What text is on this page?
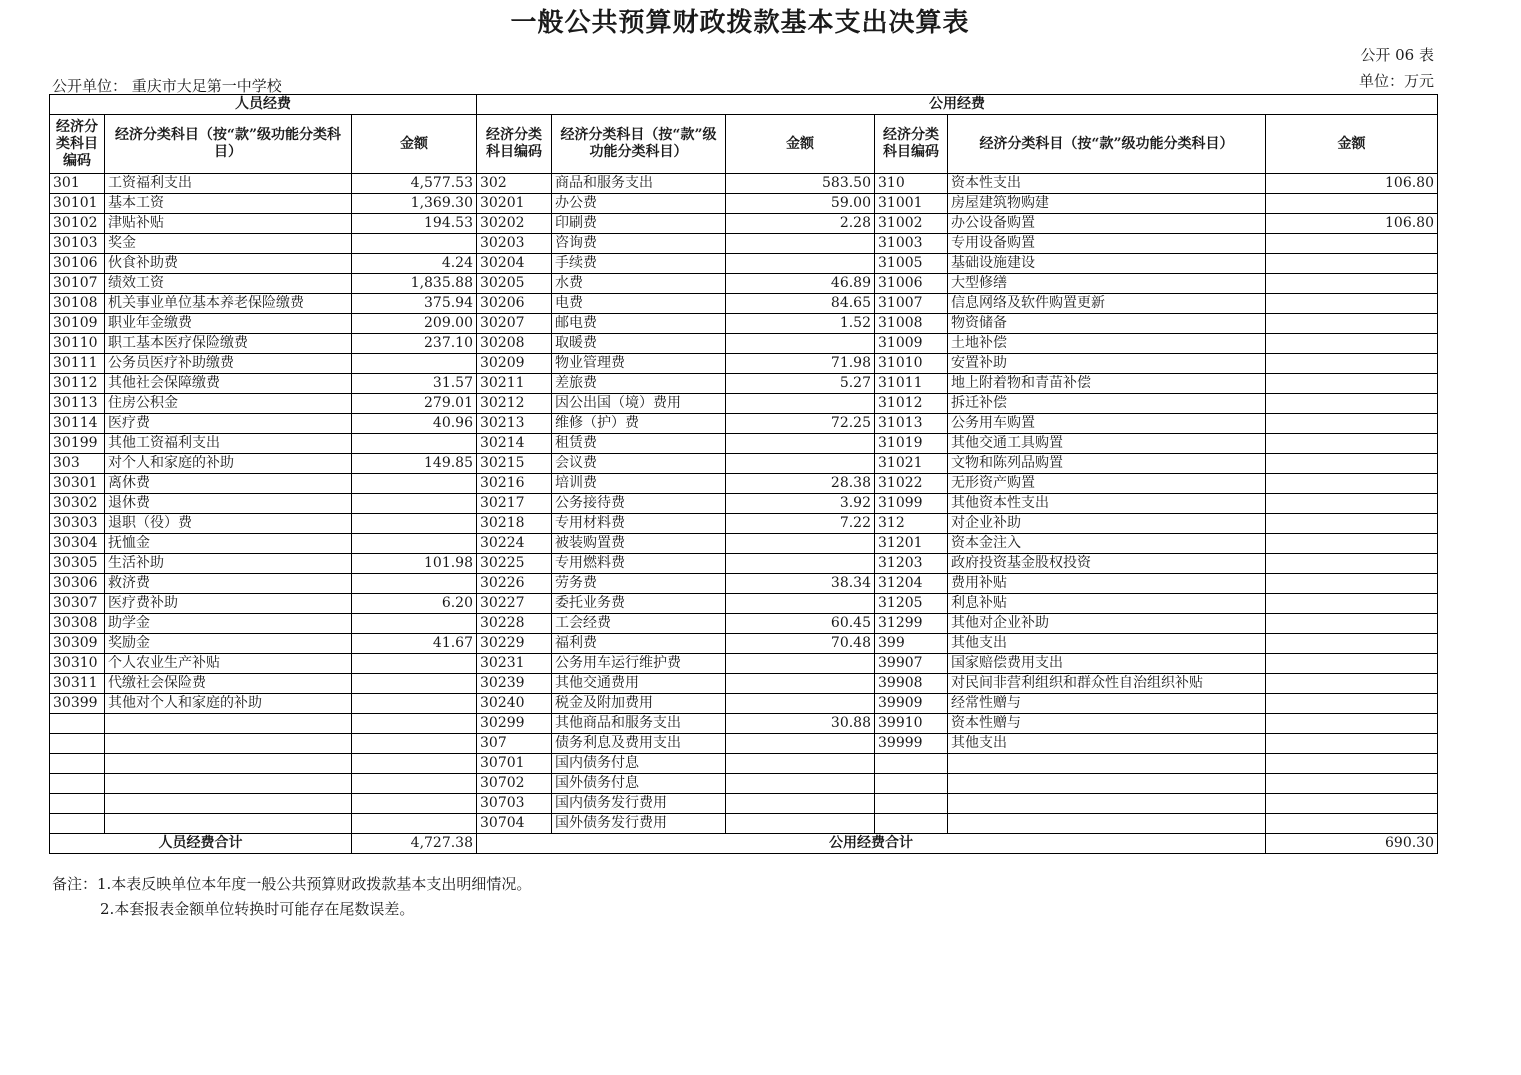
一般公共预算财政拨款基本支出决算表
公开 06 表
单位：万元
公开单位： 重庆市大足第一中学校
人员经费			公用经费					
经济分类科目编码	经济分类科目（按“款”级功能分类科目）	金额	经济分类科目编码	经济分类科目（按“款”级功能分类科目）	金额	经济分类科目编码	经济分类科目（按“款”级功能分类科目）	金额
301	工资福利支出	4,577.53	302	商品和服务支出	583.50	310	资本性支出	106.80
30101	基本工资	1,369.30	30201	办公费	59.00	31001	房屋建筑物购建	
30102	津贴补贴	194.53	30202	印刷费	2.28	31002	办公设备购置	106.80
30103	奖金		30203	咨询费		31003	专用设备购置	
30106	伙食补助费	4.24	30204	手续费		31005	基础设施建设	
30107	绩效工资	1,835.88	30205	水费	46.89	31006	大型修缮	
30108	机关事业单位基本养老保险缴费	375.94	30206	电费	84.65	31007	信息网络及软件购置更新	
30109	职业年金缴费	209.00	30207	邮电费	1.52	31008	物资储备	
30110	职工基本医疗保险缴费	237.10	30208	取暖费		31009	土地补偿	
30111	公务员医疗补助缴费		30209	物业管理费	71.98	31010	安置补助	
30112	其他社会保障缴费	31.57	30211	差旅费	5.27	31011	地上附着物和青苗补偿	
30113	住房公积金	279.01	30212	因公出国（境）费用		31012	拆迁补偿	
30114	医疗费	40.96	30213	维修（护）费	72.25	31013	公务用车购置	
30199	其他工资福利支出		30214	租赁费		31019	其他交通工具购置	
303	对个人和家庭的补助	149.85	30215	会议费		31021	文物和陈列品购置	
30301	离休费		30216	培训费	28.38	31022	无形资产购置	
30302	退休费		30217	公务接待费	3.92	31099	其他资本性支出	
30303	退职（役）费		30218	专用材料费	7.22	312	对企业补助	
30304	抚恤金		30224	被装购置费		31201	资本金注入	
30305	生活补助	101.98	30225	专用燃料费		31203	政府投资基金股权投资	
30306	救济费		30226	劳务费	38.34	31204	费用补贴	
30307	医疗费补助	6.20	30227	委托业务费		31205	利息补贴	
30308	助学金		30228	工会经费	60.45	31299	其他对企业补助	
30309	奖励金	41.67	30229	福利费	70.48	399	其他支出	
30310	个人农业生产补贴		30231	公务用车运行维护费		39907	国家赔偿费用支出	
30311	代缴社会保险费		30239	其他交通费用		39908	对民间非营利组织和群众性自治组织补贴	
30399	其他对个人和家庭的补助		30240	税金及附加费用		39909	经常性赠与	
			30299	其他商品和服务支出	30.88	39910	资本性赠与	
			307	债务利息及费用支出		39999	其他支出	
			30701	国内债务付息				
			30702	国外债务付息				
			30703	国内债务发行费用				
			30704	国外债务发行费用				
人员经费合计		4,727.38	公用经费合计					690.30
备注：1.本表反映单位本年度一般公共预算财政拨款基本支出明细情况。
2.本套报表金额单位转换时可能存在尾数误差。
